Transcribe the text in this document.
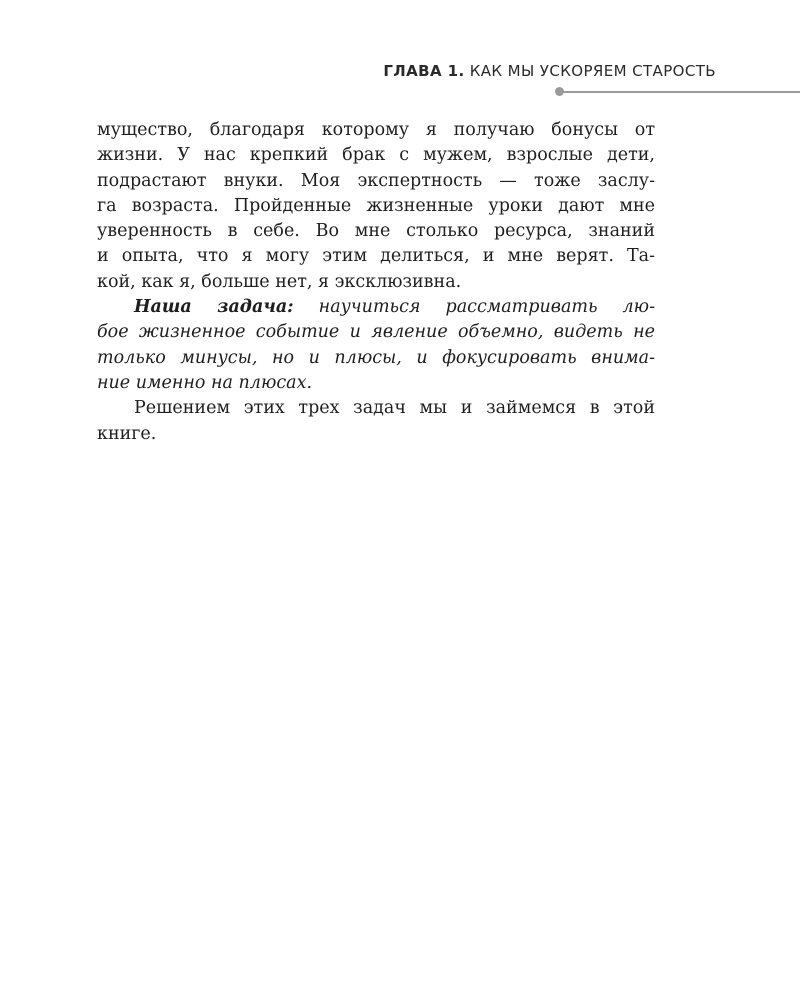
ГЛАВА 1. КАК МЫ УСКОРЯЕМ СТАРОСТЬ
мущество, благодаря которому я получаю бонусы от
жизни. У нас крепкий брак с мужем, взрослые дети,
подрастают внуки. Моя экспертность — тоже заслу-
га возраста. Пройденные жизненные уроки дают мне
уверенность в себе. Во мне столько ресурса, знаний
и опыта, что я могу этим делиться, и мне верят. Та-
кой, как я, больше нет, я эксклюзивна.
Наша задача: научиться рассматривать лю-
бое жизненное событие и явление объемно, видеть не
только минусы, но и плюсы, и фокусировать внима-
ние именно на плюсах.
Решением этих трех задач мы и займемся в этой
книге.
